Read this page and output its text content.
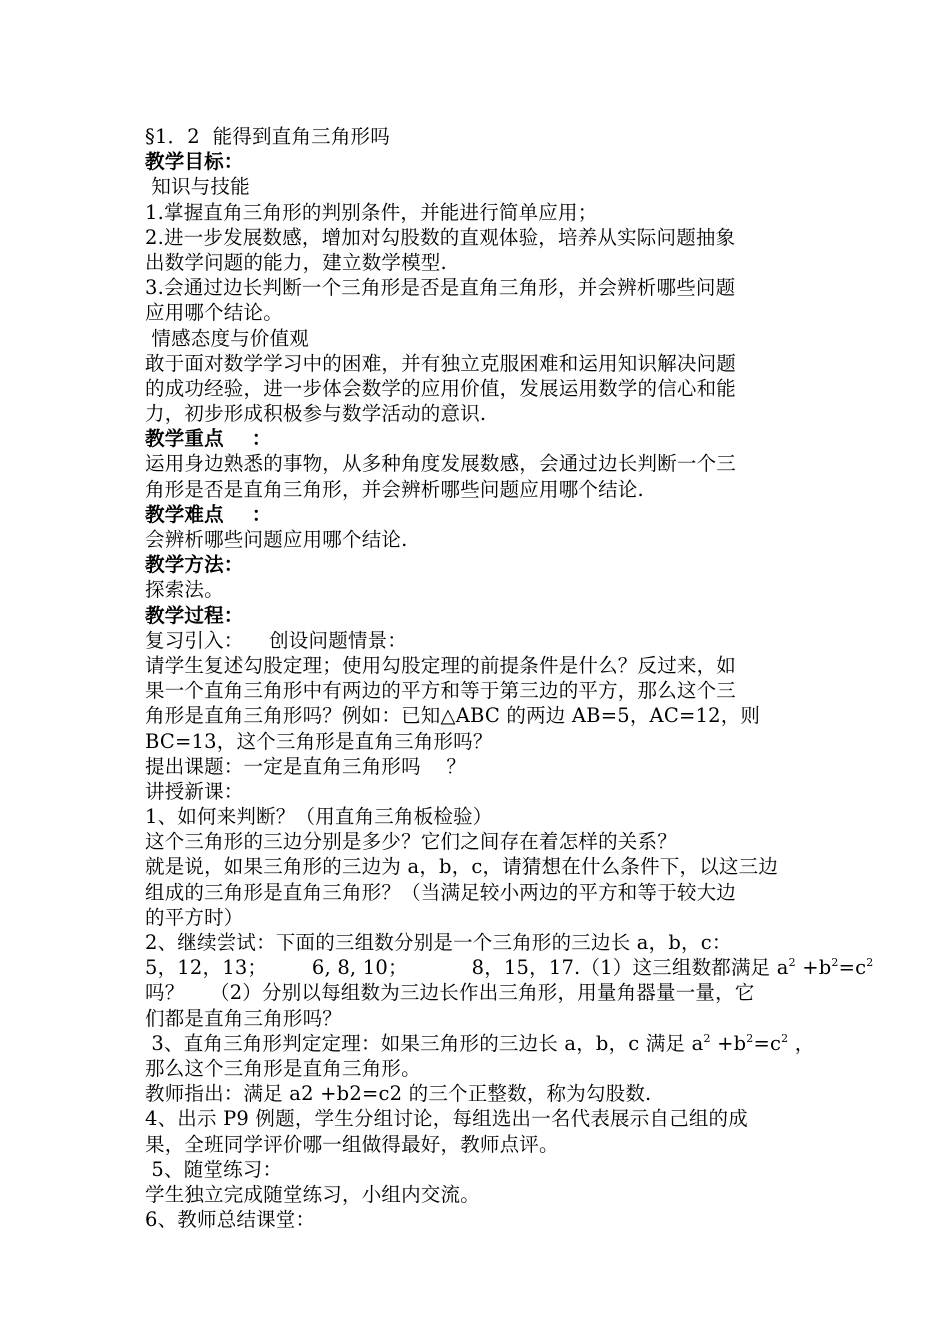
§1．2  能得到直角三角形吗
教学目标：
知识与技能
1.掌握直角三角形的判别条件，并能进行简单应用；
2.进一步发展数感，增加对勾股数的直观体验，培养从实际问题抽象
出数学问题的能力，建立数学模型.
3.会通过边长判断一个三角形是否是直角三角形，并会辨析哪些问题
应用哪个结论。
情感态度与价值观
敢于面对数学学习中的困难，并有独立克服困难和运用知识解决问题
的成功经验，进一步体会数学的应用价值，发展运用数学的信心和能
力，初步形成积极参与数学活动的意识.
教学重点    ：
运用身边熟悉的事物，从多种角度发展数感，会通过边长判断一个三
角形是否是直角三角形，并会辨析哪些问题应用哪个结论.
教学难点    ：
会辨析哪些问题应用哪个结论.
教学方法：
探索法。
教学过程：
复习引入：    创设问题情景：
请学生复述勾股定理；使用勾股定理的前提条件是什么？反过来，如
果一个直角三角形中有两边的平方和等于第三边的平方，那么这个三
角形是直角三角形吗？例如：已知△ABC 的两边 AB=5，AC=12，则
BC=13，这个三角形是直角三角形吗？
提出课题：一定是直角三角形吗    ？
讲授新课：
1、如何来判断？（用直角三角板检验）
这个三角形的三边分别是多少？它们之间存在着怎样的关系？
就是说，如果三角形的三边为 a，b，c，请猜想在什么条件下，以这三边
组成的三角形是直角三角形？（当满足较小两边的平方和等于较大边
的平方时）
2、继续尝试：下面的三组数分别是一个三角形的三边长 a，b，c：
5，12，13；       6, 8, 10；          8，15，17.（1）这三组数都满足 $a^2 +b^2=c^2$
吗？    （2）分别以每组数为三边长作出三角形，用量角器量一量，它
们都是直角三角形吗？
3、直角三角形判定定理：如果三角形的三边长 a，b，c 满足 $a^2 +b^2=c^2$ ，
那么这个三角形是直角三角形。
教师指出：满足 a2 +b2=c2 的三个正整数，称为勾股数.
4、出示 P9 例题，学生分组讨论，每组选出一名代表展示自己组的成
果，全班同学评价哪一组做得最好，教师点评。
5、随堂练习：
学生独立完成随堂练习，小组内交流。
6、教师总结课堂：
